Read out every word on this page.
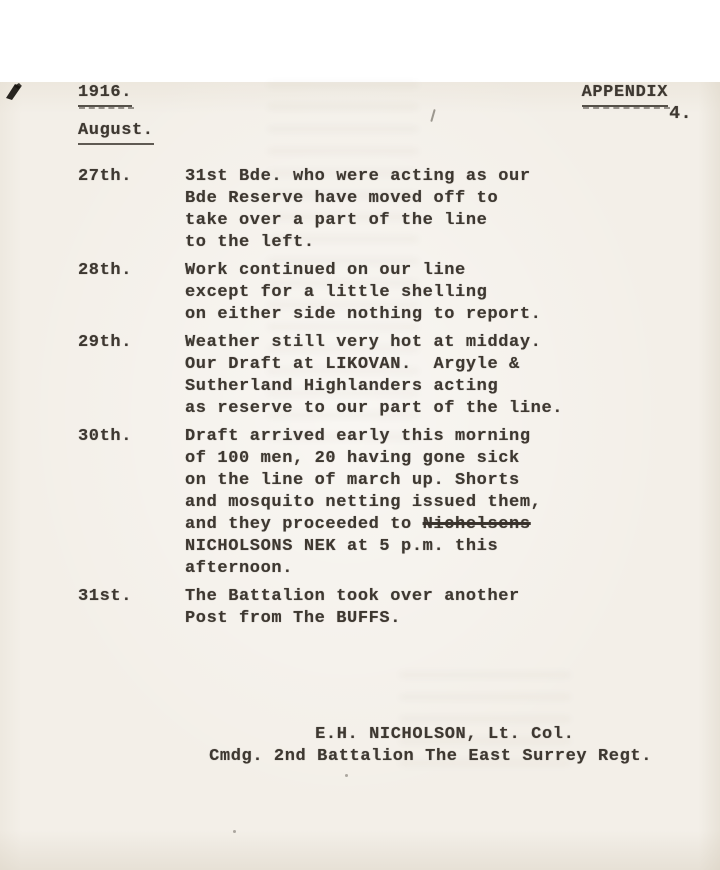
4.
1916.	APPENDIX
August.
27th.	31st Bde. who were acting as our
Bde Reserve have moved off to
take over a part of the line
to the left.
28th.	Work continued on our line
except for a little shelling
on either side nothing to report.
29th.	Weather still very hot at midday.
Our Draft at LIKOVAN.  Argyle &
Sutherland Highlanders acting
as reserve to our part of the line.
30th.	Draft arrived early this morning
of 100 men, 20 having gone sick
on the line of march up. Shorts
and mosquito netting issued them,
and they proceeded to Nichelsens
NICHOLSONS NEK at 5 p.m. this
afternoon.
31st.	The Battalion took over another
Post from The BUFFS.
E.H. NICHOLSON, Lt. Col.
Cmdg. 2nd Battalion The East Surrey Regt.
